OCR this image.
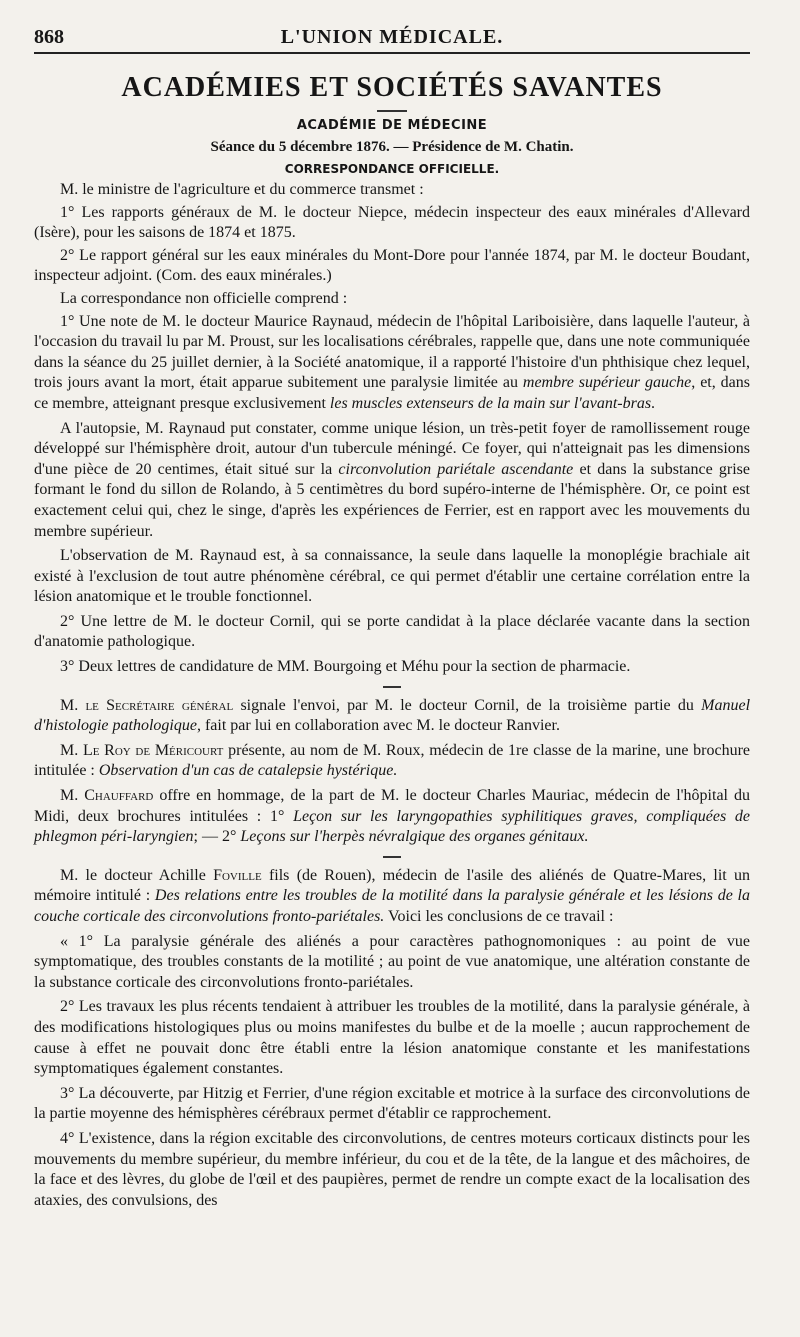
868	L'UNION MÉDICALE.
ACADÉMIES ET SOCIÉTÉS SAVANTES
ACADÉMIE DE MÉDECINE
Séance du 5 décembre 1876. — Présidence de M. Chatin.
CORRESPONDANCE OFFICIELLE.

M. le ministre de l'agriculture et du commerce transmet :

1° Les rapports généraux de M. le docteur Niepce, médecin inspecteur des eaux minérales d'Allevard (Isère), pour les saisons de 1874 et 1875.

2° Le rapport général sur les eaux minérales du Mont-Dore pour l'année 1874, par M. le docteur Boudant, inspecteur adjoint. (Com. des eaux minérales.)

La correspondance non officielle comprend :

1° Une note de M. le docteur Maurice Raynaud, médecin de l'hôpital Lariboisière, dans laquelle l'auteur, à l'occasion du travail lu par M. Proust, sur les localisations cérébrales, rappelle que, dans une note communiquée dans la séance du 25 juillet dernier, à la Société anatomique, il a rapporté l'histoire d'un phthisique chez lequel, trois jours avant la mort, était apparue subitement une paralysie limitée au membre supérieur gauche, et, dans ce membre, atteignant presque exclusivement les muscles extenseurs de la main sur l'avant-bras.

A l'autopsie, M. Raynaud put constater, comme unique lésion, un très-petit foyer de ramollissement rouge développé sur l'hémisphère droit, autour d'un tubercule méningé. Ce foyer, qui n'atteignait pas les dimensions d'une pièce de 20 centimes, était situé sur la circonvolution pariétale ascendante et dans la substance grise formant le fond du sillon de Rolando, à 5 centimètres du bord supéro-interne de l'hémisphère. Or, ce point est exactement celui qui, chez le singe, d'après les expériences de Ferrier, est en rapport avec les mouvements du membre supérieur.

L'observation de M. Raynaud est, à sa connaissance, la seule dans laquelle la monoplégie brachiale ait existé à l'exclusion de tout autre phénomène cérébral, ce qui permet d'établir une certaine corrélation entre la lésion anatomique et le trouble fonctionnel.

2° Une lettre de M. le docteur Cornil, qui se porte candidat à la place déclarée vacante dans la section d'anatomie pathologique.

3° Deux lettres de candidature de MM. Bourgoing et Méhu pour la section de pharmacie.

M. le Secrétaire général signale l'envoi, par M. le docteur Cornil, de la troisième partie du Manuel d'histologie pathologique, fait par lui en collaboration avec M. le docteur Ranvier.

M. Le Roy de Méricourt présente, au nom de M. Roux, médecin de 1re classe de la marine, une brochure intitulée : Observation d'un cas de catalepsie hystérique.

M. Chauffard offre en hommage, de la part de M. le docteur Charles Mauriac, médecin de l'hôpital du Midi, deux brochures intitulées : 1° Leçon sur les laryngopathies syphilitiques graves, compliquées de phlegmon péri-laryngien; — 2° Leçons sur l'herpès névralgique des organes génitaux.

M. le docteur Achille Foville fils (de Rouen), médecin de l'asile des aliénés de Quatre-Mares, lit un mémoire intitulé : Des relations entre les troubles de la motilité dans la paralysie générale et les lésions de la couche corticale des circonvolutions fronto-pariétales. Voici les conclusions de ce travail :

« 1° La paralysie générale des aliénés a pour caractères pathognomoniques : au point de vue symptomatique, des troubles constants de la motilité ; au point de vue anatomique, une altération constante de la substance corticale des circonvolutions fronto-pariétales.

2° Les travaux les plus récents tendaient à attribuer les troubles de la motilité, dans la paralysie générale, à des modifications histologiques plus ou moins manifestes du bulbe et de la moelle ; aucun rapprochement de cause à effet ne pouvait donc être établi entre la lésion anatomique constante et les manifestations symptomatiques également constantes.

3° La découverte, par Hitzig et Ferrier, d'une région excitable et motrice à la surface des circonvolutions de la partie moyenne des hémisphères cérébraux permet d'établir ce rapprochement.

4° L'existence, dans la région excitable des circonvolutions, de centres moteurs corticaux distincts pour les mouvements du membre supérieur, du membre inférieur, du cou et de la tête, de la langue et des mâchoires, de la face et des lèvres, du globe de l'œil et des paupières, permet de rendre un compte exact de la localisation des ataxies, des convulsions, des
